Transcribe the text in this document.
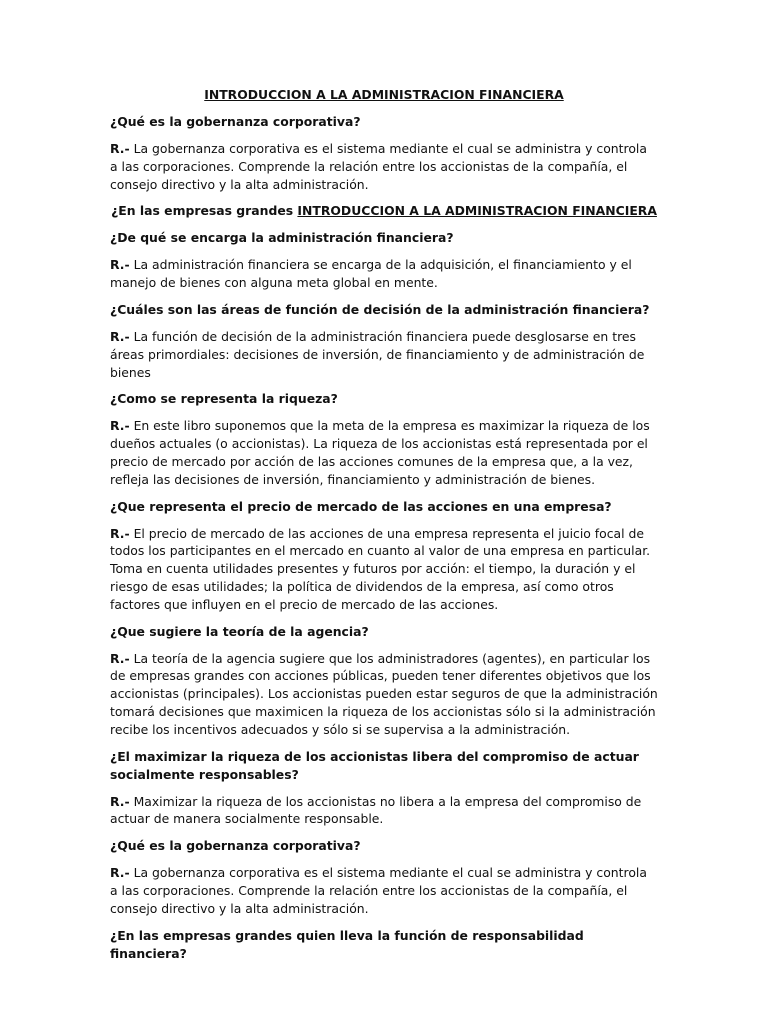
INTRODUCCION A LA ADMINISTRACION FINANCIERA
¿Qué es la gobernanza corporativa?
R.- La gobernanza corporativa es el sistema mediante el cual se administra y controla a las corporaciones. Comprende la relación entre los accionistas de la compañía, el consejo directivo y la alta administración.
¿En las empresas grandes INTRODUCCION A LA ADMINISTRACION FINANCIERA
¿De qué se encarga la administración financiera?
R.- La administración financiera se encarga de la adquisición, el financiamiento y el manejo de bienes con alguna meta global en mente.
¿Cuáles son las áreas de función de decisión de la administración financiera?
R.- La función de decisión de la administración financiera puede desglosarse en tres áreas primordiales: decisiones de inversión, de financiamiento y de administración de bienes
¿Como se representa la riqueza?
R.- En este libro suponemos que la meta de la empresa es maximizar la riqueza de los dueños actuales (o accionistas). La riqueza de los accionistas está representada por el precio de mercado por acción de las acciones comunes de la empresa que, a la vez, refleja las decisiones de inversión, financiamiento y administración de bienes.
¿Que representa el precio de mercado de las acciones en una empresa?
R.- El precio de mercado de las acciones de una empresa representa el juicio focal de todos los participantes en el mercado en cuanto al valor de una empresa en particular. Toma en cuenta utilidades presentes y futuros por acción: el tiempo, la duración y el riesgo de esas utilidades; la política de dividendos de la empresa, así como otros factores que influyen en el precio de mercado de las acciones.
¿Que sugiere la teoría de la agencia?
R.- La teoría de la agencia sugiere que los administradores (agentes), en particular los de empresas grandes con acciones públicas, pueden tener diferentes objetivos que los accionistas (principales). Los accionistas pueden estar seguros de que la administración tomará decisiones que maximicen la riqueza de los accionistas sólo si la administración recibe los incentivos adecuados y sólo si se supervisa a la administración.
¿El maximizar la riqueza de los accionistas libera del compromiso de actuar socialmente responsables?
R.- Maximizar la riqueza de los accionistas no libera a la empresa del compromiso de actuar de manera socialmente responsable.
¿Qué es la gobernanza corporativa?
R.- La gobernanza corporativa es el sistema mediante el cual se administra y controla a las corporaciones. Comprende la relación entre los accionistas de la compañía, el consejo directivo y la alta administración.
¿En las empresas grandes quien lleva la función de responsabilidad financiera?
